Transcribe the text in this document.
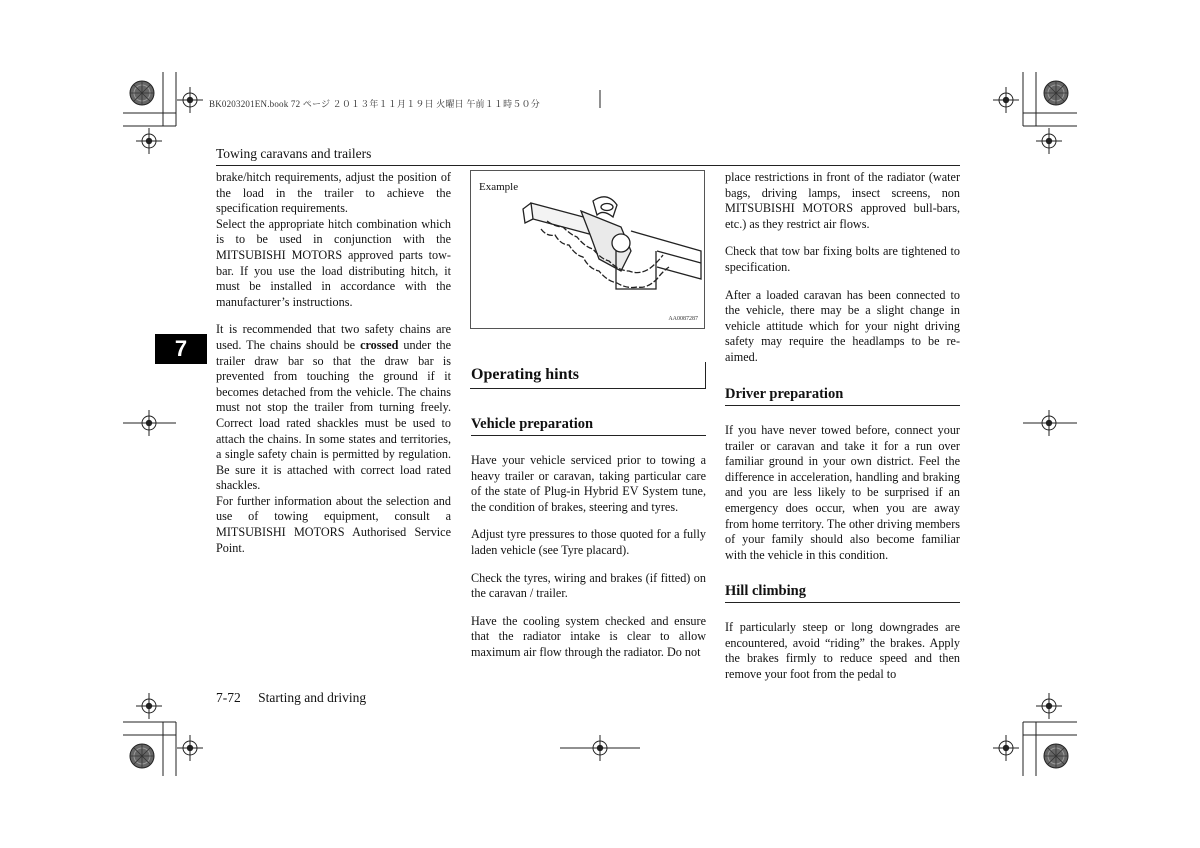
BK0203201EN.book 72 ページ ２０１３年１１月１９日 火曜日 午前１１時５０分
Towing caravans and trailers
7

brake/hitch requirements, adjust the position of the load in the trailer to achieve the specification requirements.

Select the appropriate hitch combination which is to be used in conjunction with the MITSUBISHI MOTORS approved parts tow-bar. If you use the load distributing hitch, it must be installed in accordance with the manufacturer’s instructions.

It is recommended that two safety chains are used. The chains should be crossed under the trailer draw bar so that the draw bar is prevented from touching the ground if it becomes detached from the vehicle. The chains must not stop the trailer from turning freely. Correct load rated shackles must be used to attach the chains. In some states and territories, a single safety chain is permitted by regulation. Be sure it is attached with correct load rated shackles.

For further information about the selection and use of towing equipment, consult a MITSUBISHI MOTORS Authorised Service Point.

Example
AA0087287
Operating hints
Vehicle preparation

Have your vehicle serviced prior to towing a heavy trailer or caravan, taking particular care of the state of Plug-in Hybrid EV System tune, the condition of brakes, steering and tyres.

Adjust tyre pressures to those quoted for a fully laden vehicle (see Tyre placard).

Check the tyres, wiring and brakes (if fitted) on the caravan / trailer.

Have the cooling system checked and ensure that the radiator intake is clear to allow maximum air flow through the radiator. Do not

place restrictions in front of the radiator (water bags, driving lamps, insect screens, non MITSUBISHI MOTORS approved bull-bars, etc.) as they restrict air flows.

Check that tow bar fixing bolts are tightened to specification.

After a loaded caravan has been connected to the vehicle, there may be a slight change in vehicle attitude which for your night driving safety may require the headlamps to be re-aimed.

Driver preparation

If you have never towed before, connect your trailer or caravan and take it for a run over familiar ground in your own district. Feel the difference in acceleration, handling and braking and you are less likely to be surprised if an emergency does occur, when you are away from home territory. The other driving members of your family should also become familiar with the vehicle in this condition.

Hill climbing

If particularly steep or long downgrades are encountered, avoid “riding” the brakes. Apply the brakes firmly to reduce speed and then remove your foot from the pedal to

7-72 Starting and driving
